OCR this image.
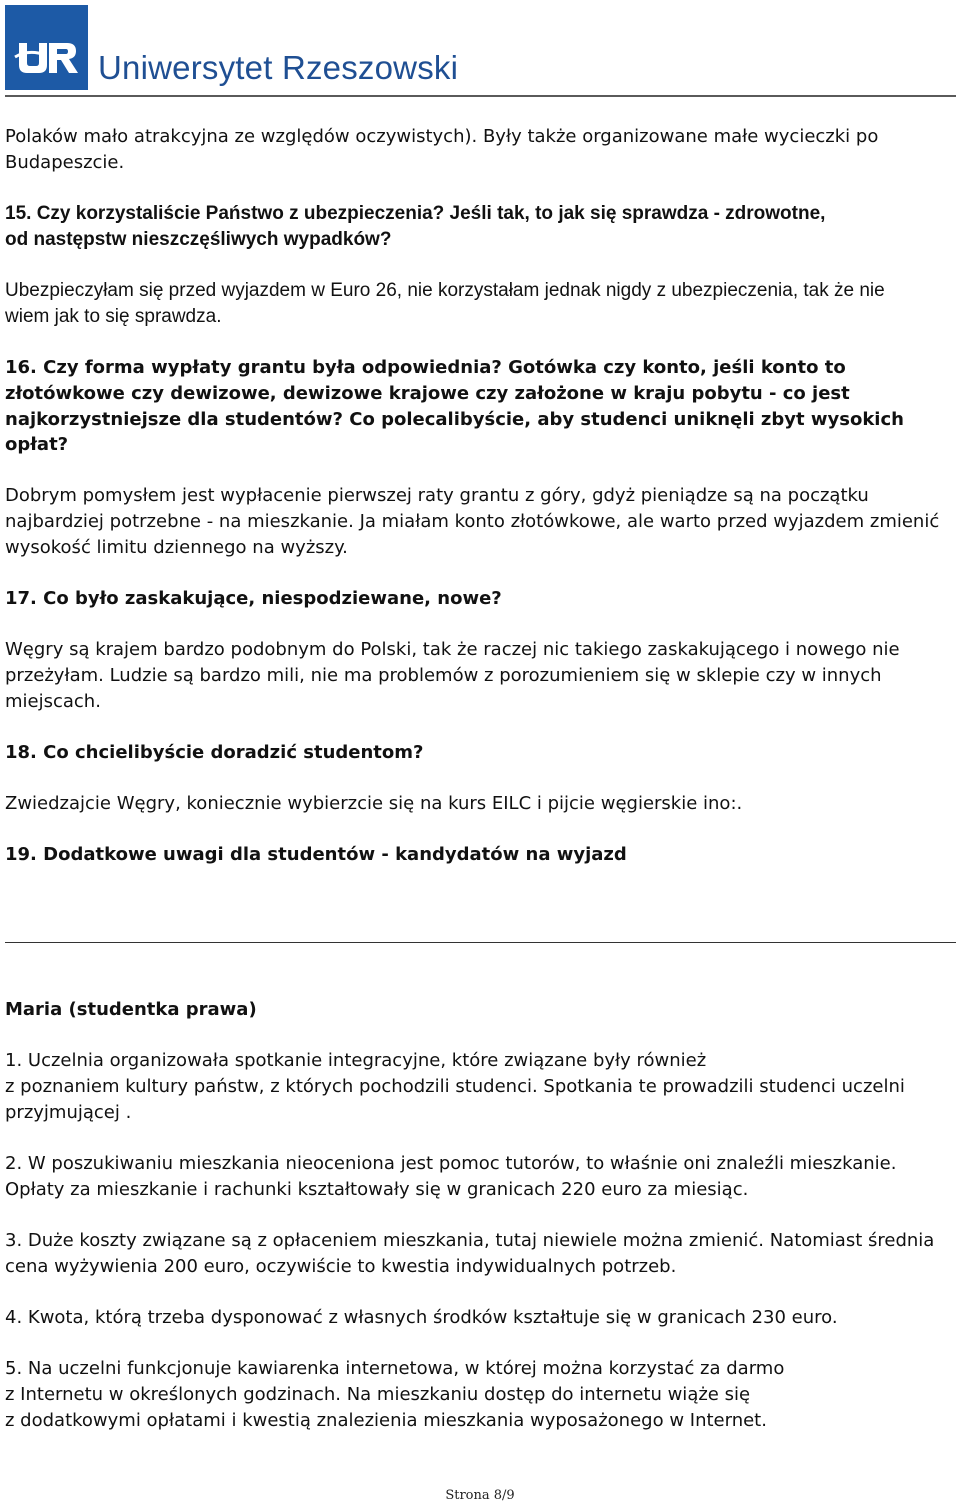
Uniwersytet Rzeszowski
Polaków mało atrakcyjna ze względów oczywistych). Były także organizowane małe wycieczki po
Budapeszcie.
15. Czy korzystaliście Państwo z ubezpieczenia? Jeśli tak, to jak się sprawdza - zdrowotne,
od następstw nieszczęśliwych wypadków?
Ubezpieczyłam się przed wyjazdem w Euro 26, nie korzystałam jednak nigdy z ubezpieczenia, tak że nie
wiem jak to się sprawdza.
16. Czy forma wypłaty grantu była odpowiednia? Gotówka czy konto, jeśli konto to
złotówkowe czy dewizowe, dewizowe krajowe czy założone w kraju pobytu - co jest
najkorzystniejsze dla studentów? Co polecalibyście, aby studenci uniknęli zbyt wysokich
opłat?
Dobrym pomysłem jest wypłacenie pierwszej raty grantu z góry, gdyż pieniądze są na początku
najbardziej potrzebne - na mieszkanie. Ja miałam konto złotówkowe, ale warto przed wyjazdem zmienić
wysokość limitu dziennego na wyższy.
17. Co było zaskakujące, niespodziewane, nowe?
Węgry są krajem bardzo podobnym do Polski, tak że raczej nic takiego zaskakującego i nowego nie
przeżyłam. Ludzie są bardzo mili, nie ma problemów z porozumieniem się w sklepie czy w innych
miejscach.
18. Co chcielibyście doradzić studentom?
Zwiedzajcie Węgry, koniecznie wybierzcie się na kurs EILC i pijcie węgierskie ino:.
19. Dodatkowe uwagi dla studentów - kandydatów na wyjazd
Maria (studentka prawa)
1. Uczelnia organizowała spotkanie integracyjne, które związane były również
z poznaniem kultury państw, z których pochodzili studenci. Spotkania te prowadzili studenci uczelni
przyjmującej .
2. W poszukiwaniu mieszkania nieoceniona jest pomoc tutorów, to właśnie oni znaleźli mieszkanie.
Opłaty za mieszkanie i rachunki kształtowały się w granicach 220 euro za miesiąc.
3. Duże koszty związane są z opłaceniem mieszkania, tutaj niewiele można zmienić. Natomiast średnia
cena wyżywienia 200 euro, oczywiście to kwestia indywidualnych potrzeb.
4. Kwota, którą trzeba dysponować z własnych środków kształtuje się w granicach 230 euro.
5. Na uczelni funkcjonuje kawiarenka internetowa, w której można korzystać za darmo
z Internetu w określonych godzinach. Na mieszkaniu dostęp do internetu wiąże się
z dodatkowymi opłatami i kwestią znalezienia mieszkania wyposażonego w Internet.
Strona 8/9
